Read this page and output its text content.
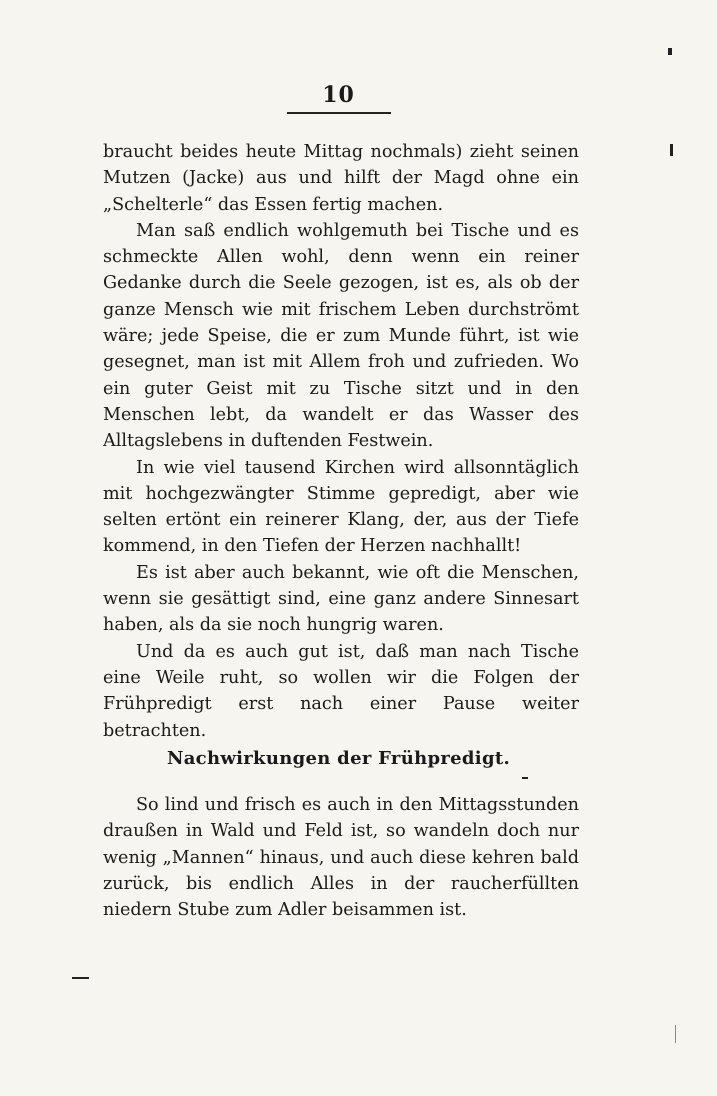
10

braucht beides heute Mittag nochmals) zieht seinen Mutzen (Jacke) aus und hilft der Magd ohne ein „Schelterle“ das Essen fertig machen.

Man saß endlich wohlgemuth bei Tische und es schmeckte Allen wohl, denn wenn ein reiner Gedanke durch die Seele gezogen, ist es, als ob der ganze Mensch wie mit frischem Leben durchströmt wäre; jede Speise, die er zum Munde führt, ist wie gesegnet, man ist mit Allem froh und zufrieden. Wo ein guter Geist mit zu Tische sitzt und in den Menschen lebt, da wandelt er das Wasser des Alltagslebens in duftenden Festwein.

In wie viel tausend Kirchen wird allsonntäglich mit hochgezwängter Stimme gepredigt, aber wie selten ertönt ein reinerer Klang, der, aus der Tiefe kommend, in den Tiefen der Herzen nachhallt!

Es ist aber auch bekannt, wie oft die Menschen, wenn sie gesättigt sind, eine ganz andere Sinnesart haben, als da sie noch hungrig waren.

Und da es auch gut ist, daß man nach Tische eine Weile ruht, so wollen wir die Folgen der Frühpredigt erst nach einer Pause weiter betrachten.

Nachwirkungen der Frühpredigt.

So lind und frisch es auch in den Mittagsstunden draußen in Wald und Feld ist, so wandeln doch nur wenig „Mannen“ hinaus, und auch diese kehren bald zurück, bis endlich Alles in der raucherfüllten niedern Stube zum Adler beisammen ist.
